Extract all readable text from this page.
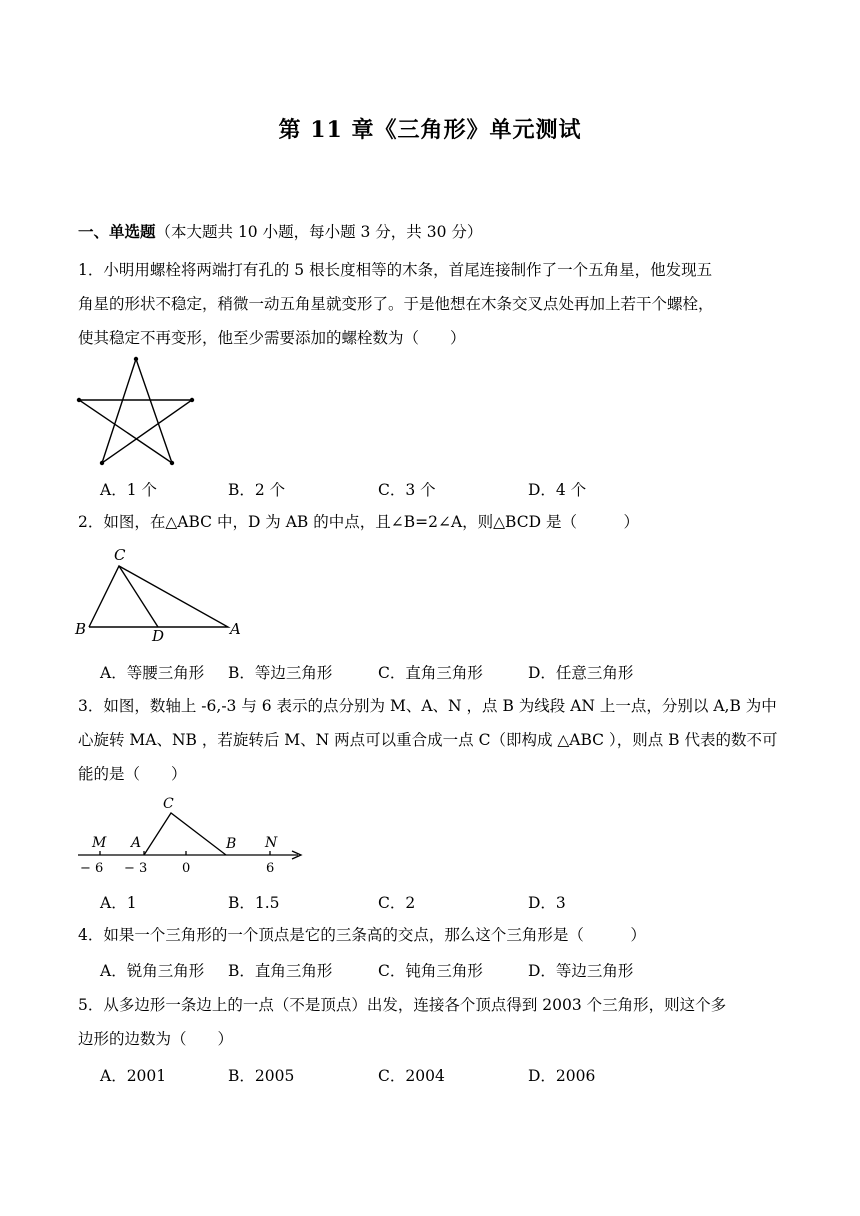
第 11 章《三角形》单元测试
一、单选题（本大题共 10 小题，每小题 3 分，共 30 分）
1．小明用螺栓将两端打有孔的 5 根长度相等的木条，首尾连接制作了一个五角星，他发现五
角星的形状不稳定，稍微一动五角星就变形了。于是他想在木条交叉点处再加上若干个螺栓，
使其稳定不再变形，他至少需要添加的螺栓数为（　　）
A．1 个	B．2 个	C．3 个	D．4 个
2．如图，在△ABC 中，D 为 AB 的中点，且∠B=2∠A，则△BCD 是（　　　）
C
B	D	A
A．等腰三角形 B．等边三角形	C．直角三角形	D．任意三角形
3．如图，数轴上 -6,-3 与 6 表示的点分别为 M、A、N ，点 B 为线段 AN 上一点，分别以 A,B 为中
心旋转 MA、NB ，若旋转后 M、N 两点可以重合成一点 C（即构成 △ABC ），则点 B 代表的数不可
能的是（　　）
M A
C
B N
− 6 − 3	0	6
A．1	B．1.5	C．2	D．3
4．如果一个三角形的一个顶点是它的三条高的交点，那么这个三角形是（　　　）
A．锐角三角形 B．直角三角形	C．钝角三角形	D．等边三角形
5．从多边形一条边上的一点（不是顶点）出发，连接各个顶点得到 2003 个三角形，则这个多
边形的边数为（　　）
A．2001	B．2005	C．2004	D．2006
